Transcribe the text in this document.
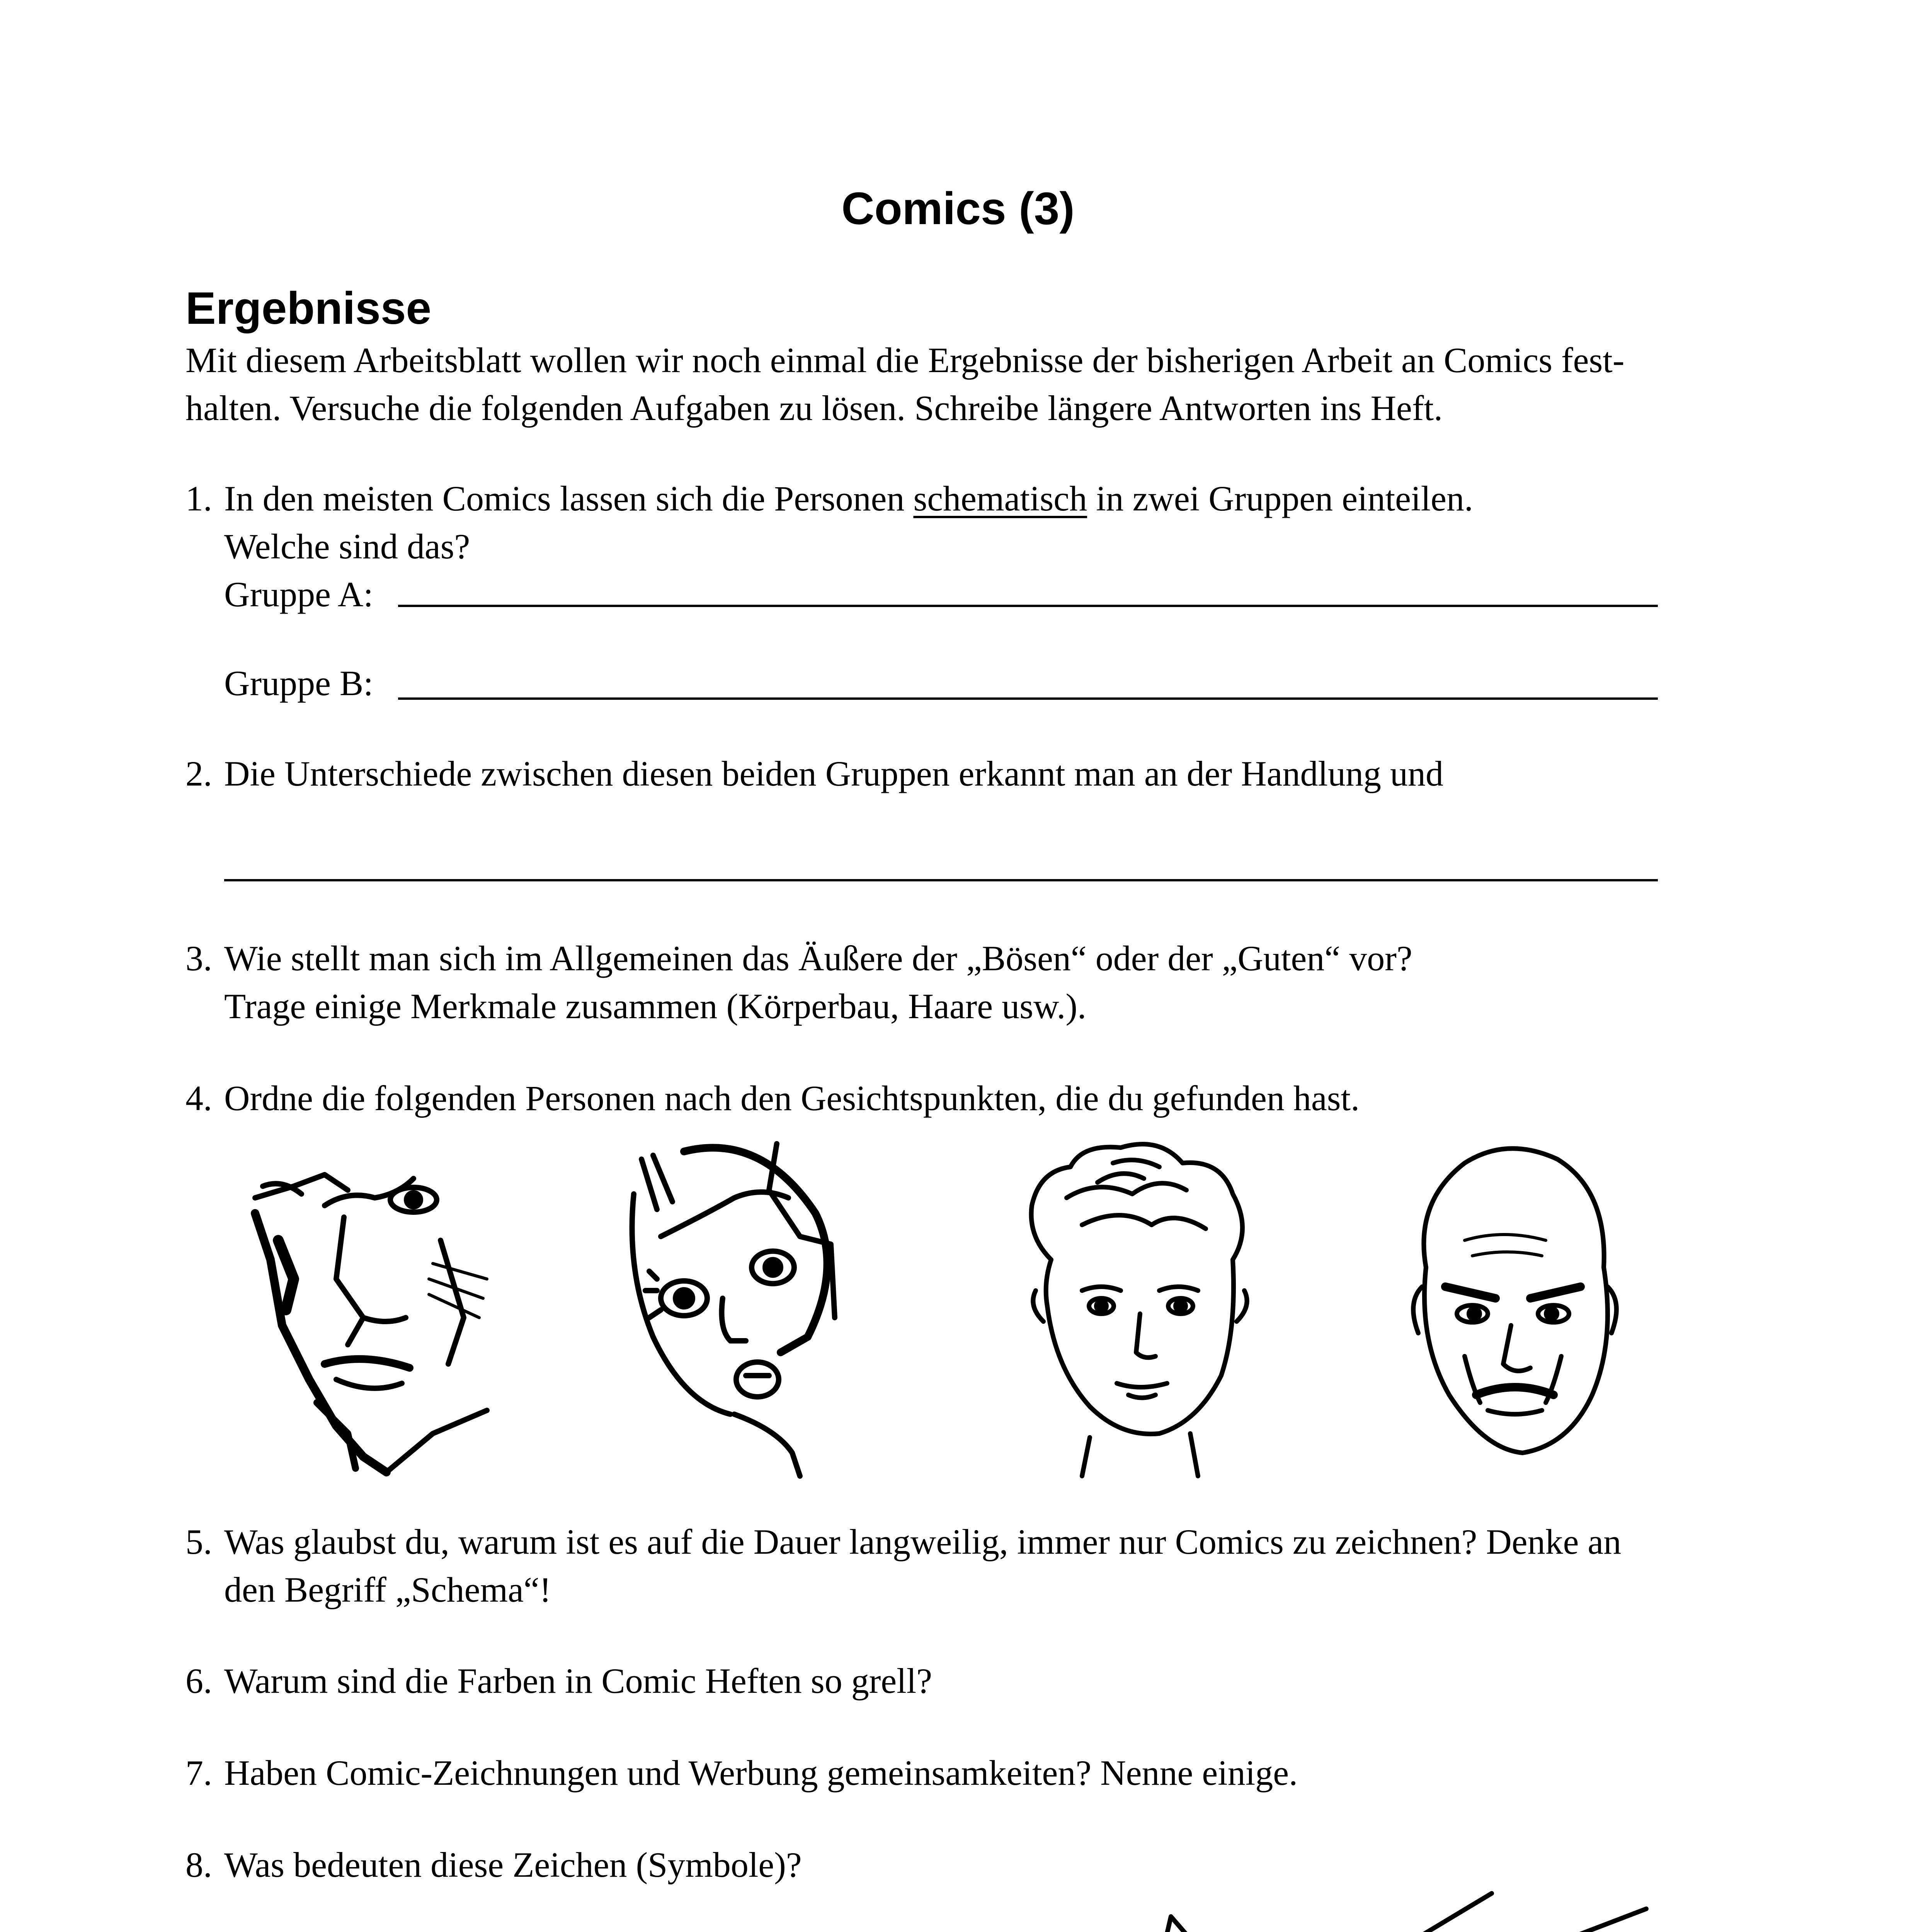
Comics (3)
Ergebnisse
Mit diesem Arbeitsblatt wollen wir noch einmal die Ergebnisse der bisherigen Arbeit an Comics fest-
halten. Versuche die folgenden Aufgaben zu lösen. Schreibe längere Antworten ins Heft.
1. In den meisten Comics lassen sich die Personen schematisch in zwei Gruppen einteilen.
Welche sind das?
Gruppe A:
Gruppe B:
2. Die Unterschiede zwischen diesen beiden Gruppen erkannt man an der Handlung und
3. Wie stellt man sich im Allgemeinen das Äußere der „Bösen“ oder der „Guten“ vor?
Trage einige Merkmale zusammen (Körperbau, Haare usw.).
4. Ordne die folgenden Personen nach den Gesichtspunkten, die du gefunden hast.
5. Was glaubst du, warum ist es auf die Dauer langweilig, immer nur Comics zu zeichnen? Denke an
den Begriff „Schema“!
6. Warum sind die Farben in Comic Heften so grell?
7. Haben Comic-Zeichnungen und Werbung gemeinsamkeiten? Nenne einige.
8. Was bedeuten diese Zeichen (Symbole)?
